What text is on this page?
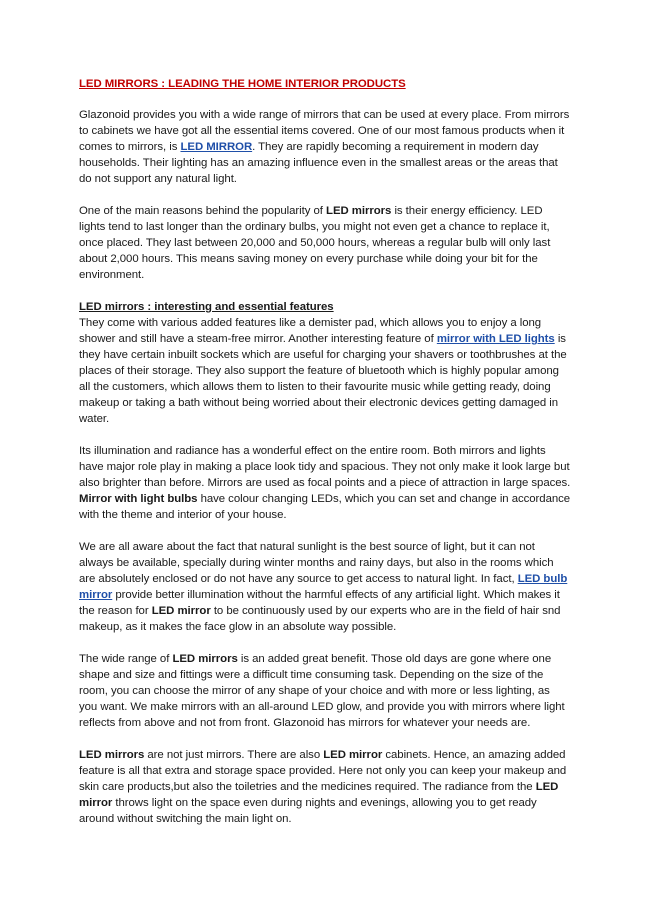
LED MIRRORS : LEADING THE HOME INTERIOR PRODUCTS

Glazonoid provides you with a wide range of mirrors that can be used at every place. From mirrors to cabinets we have got all the essential items covered. One of our most famous products when it comes to mirrors, is LED MIRROR. They are rapidly becoming a requirement in modern day households. Their lighting has an amazing influence even in the smallest areas or the areas that do not support any natural light.

One of the main reasons behind the popularity of LED mirrors is their energy efficiency. LED lights tend to last longer than the ordinary bulbs, you might not even get a chance to replace it, once placed. They last between 20,000 and 50,000 hours, whereas a regular bulb will only last about 2,000 hours. This means saving money on every purchase while doing your bit for the environment.

LED mirrors : interesting and essential features
They come with various added features like a demister pad, which allows you to enjoy a long shower and still have a steam-free mirror. Another interesting feature of mirror with LED lights is they have certain inbuilt sockets which are useful for charging your shavers or toothbrushes at the places of their storage. They also support the feature of bluetooth which is highly popular among all the customers, which allows them to listen to their favourite music while getting ready, doing makeup or taking a bath without being worried about their electronic devices getting damaged in water.

Its illumination and radiance has a wonderful effect on the entire room. Both mirrors and lights have major role play in making a place look tidy and spacious. They not only make it look large but also brighter than before. Mirrors are used as focal points and a piece of attraction in large spaces. Mirror with light bulbs have colour changing LEDs, which you can set and change in accordance with the theme and interior of your house.

We are all aware about the fact that natural sunlight is the best source of light, but it can not always be available, specially during winter months and rainy days, but also in the rooms which are absolutely enclosed or do not have any source to get access to natural light. In fact, LED bulb mirror provide better illumination without the harmful effects of any artificial light. Which makes it the reason for LED mirror to be continuously used by our experts who are in the field of hair snd makeup, as it makes the face glow in an absolute way possible.

The wide range of LED mirrors is an added great benefit. Those old days are gone where one shape and size and fittings were a difficult time consuming task. Depending on the size of the room, you can choose the mirror of any shape of your choice and with more or less lighting, as you want. We make mirrors with an all-around LED glow, and provide you with mirrors where light reflects from above and not from front. Glazonoid has mirrors for whatever your needs are.

LED mirrors are not just mirrors. There are also LED mirror cabinets. Hence, an amazing added feature is all that extra and storage space provided. Here not only you can keep your makeup and skin care products,but also the toiletries and the medicines required. The radiance from the LED mirror throws light on the space even during nights and evenings, allowing you to get ready around without switching the main light on.
